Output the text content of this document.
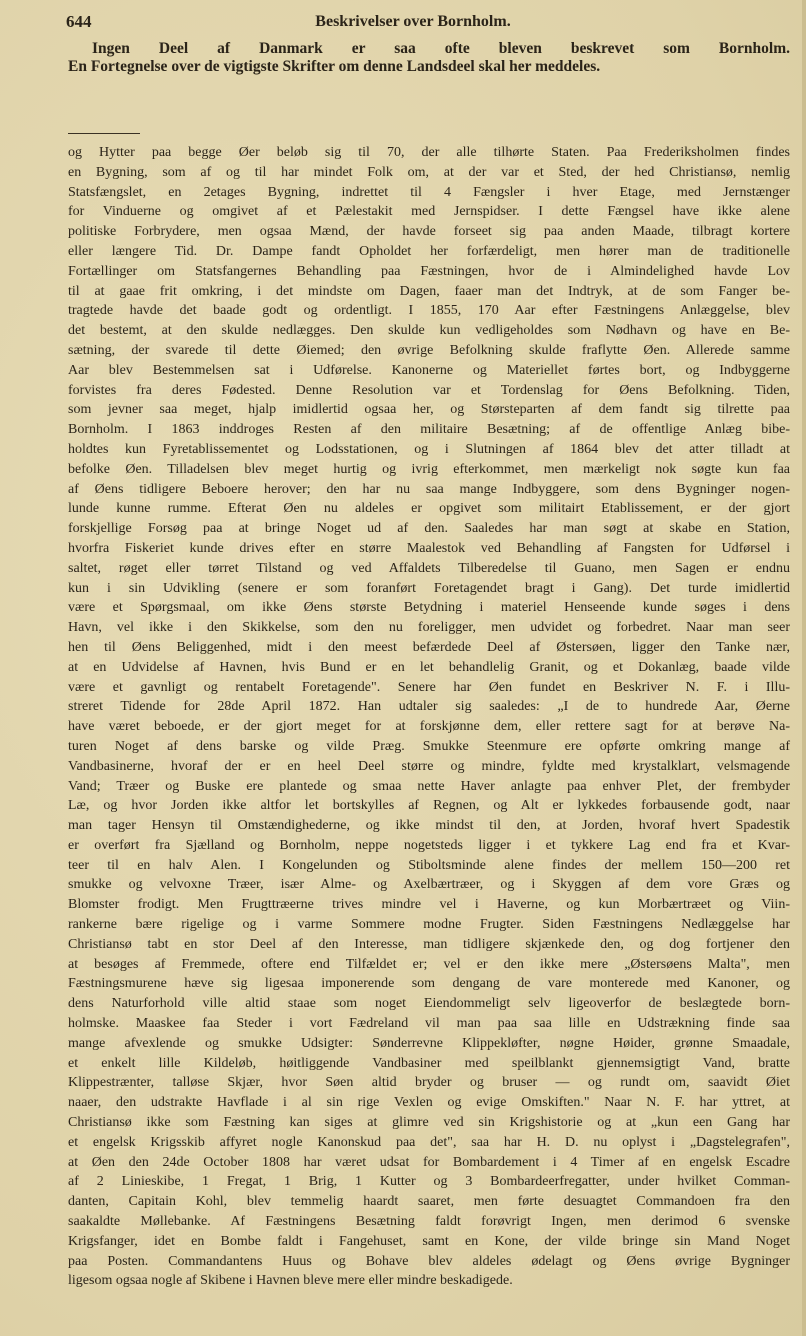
644	Beskrivelser over Bornholm.
Ingen Deel af Danmark er saa ofte bleven beskrevet som Bornholm.
En Fortegnelse over de vigtigste Skrifter om denne Landsdeel skal her meddeles.
og Hytter paa begge Øer beløb sig til 70, der alle tilhørte Staten. Paa Frederiksholmen findes
en Bygning, som af og til har mindet Folk om, at der var et Sted, der hed Christiansø, nemlig
Statsfængslet, en 2etages Bygning, indrettet til 4 Fængsler i hver Etage, med Jernstænger
for Vinduerne og omgivet af et Pælestakit med Jernspidser. I dette Fængsel have ikke alene
politiske Forbrydere, men ogsaa Mænd, der havde forseet sig paa anden Maade, tilbragt kortere
eller længere Tid. Dr. Dampe fandt Opholdet her forfærdeligt, men hører man de traditionelle
Fortællinger om Statsfangernes Behandling paa Fæstningen, hvor de i Almindelighed havde Lov
til at gaae frit omkring, i det mindste om Dagen, faaer man det Indtryk, at de som Fanger be-
tragtede havde det baade godt og ordentligt. I 1855, 170 Aar efter Fæstningens Anlæggelse, blev
det bestemt, at den skulde nedlægges. Den skulde kun vedligeholdes som Nødhavn og have en Be-
sætning, der svarede til dette Øiemed; den øvrige Befolkning skulde fraflytte Øen. Allerede samme
Aar blev Bestemmelsen sat i Udførelse. Kanonerne og Materiellet førtes bort, og Indbyggerne
forvistes fra deres Fødested. Denne Resolution var et Tordenslag for Øens Befolkning. Tiden,
som jevner saa meget, hjalp imidlertid ogsaa her, og Størsteparten af dem fandt sig tilrette paa
Bornholm. I 1863 inddroges Resten af den militaire Besætning; af de offentlige Anlæg bibe-
holdtes kun Fyretablissementet og Lodsstationen, og i Slutningen af 1864 blev det atter tilladt at
befolke Øen. Tilladelsen blev meget hurtig og ivrig efterkommet, men mærkeligt nok søgte kun faa
af Øens tidligere Beboere herover; den har nu saa mange Indbyggere, som dens Bygninger nogen-
lunde kunne rumme. Efterat Øen nu aldeles er opgivet som militairt Etablissement, er der gjort
forskjellige Forsøg paa at bringe Noget ud af den. Saaledes har man søgt at skabe en Station,
hvorfra Fiskeriet kunde drives efter en større Maalestok ved Behandling af Fangsten for Udførsel i
saltet, røget eller tørret Tilstand og ved Affaldets Tilberedelse til Guano, men Sagen er endnu
kun i sin Udvikling (senere er som foranført Foretagendet bragt i Gang). Det turde imidlertid
være et Spørgsmaal, om ikke Øens største Betydning i materiel Henseende kunde søges i dens
Havn, vel ikke i den Skikkelse, som den nu foreligger, men udvidet og forbedret. Naar man seer
hen til Øens Beliggenhed, midt i den meest befærdede Deel af Østersøen, ligger den Tanke nær,
at en Udvidelse af Havnen, hvis Bund er en let behandlelig Granit, og et Dokanlæg, baade vilde
være et gavnligt og rentabelt Foretagende". Senere har Øen fundet en Beskriver N. F. i Illu-
streret Tidende for 28de April 1872. Han udtaler sig saaledes: „I de to hundrede Aar, Øerne
have været beboede, er der gjort meget for at forskjønne dem, eller rettere sagt for at berøve Na-
turen Noget af dens barske og vilde Præg. Smukke Steenmure ere opførte omkring mange af
Vandbasinerne, hvoraf der er en heel Deel større og mindre, fyldte med krystalklart, velsmagende
Vand; Træer og Buske ere plantede og smaa nette Haver anlagte paa enhver Plet, der frembyder
Læ, og hvor Jorden ikke altfor let bortskylles af Regnen, og Alt er lykkedes forbausende godt, naar
man tager Hensyn til Omstændighederne, og ikke mindst til den, at Jorden, hvoraf hvert Spadestik
er overført fra Sjælland og Bornholm, neppe nogetsteds ligger i et tykkere Lag end fra et Kvar-
teer til en halv Alen. I Kongelunden og Stiboltsminde alene findes der mellem 150—200 ret
smukke og velvoxne Træer, især Alme- og Axelbærtræer, og i Skyggen af dem vore Græs og
Blomster frodigt. Men Frugttræerne trives mindre vel i Haverne, og kun Morbærtræet og Viin-
rankerne bære rigelige og i varme Sommere modne Frugter. Siden Fæstningens Nedlæggelse har
Christiansø tabt en stor Deel af den Interesse, man tidligere skjænkede den, og dog fortjener den
at besøges af Fremmede, oftere end Tilfældet er; vel er den ikke mere „Østersøens Malta", men
Fæstningsmurene hæve sig ligesaa imponerende som dengang de vare monterede med Kanoner, og
dens Naturforhold ville altid staae som noget Eiendommeligt selv ligeoverfor de beslægtede born-
holmske. Maaskee faa Steder i vort Fædreland vil man paa saa lille en Udstrækning finde saa
mange afvexlende og smukke Udsigter: Sønderrevne Klippekløfter, nøgne Høider, grønne Smaadale,
et enkelt lille Kildeløb, høitliggende Vandbasiner med speilblankt gjennemsigtigt Vand, bratte
Klippestrænter, talløse Skjær, hvor Søen altid bryder og bruser — og rundt om, saavidt Øiet
naaer, den udstrakte Havflade i al sin rige Vexlen og evige Omskiften." Naar N. F. har yttret, at
Christiansø ikke som Fæstning kan siges at glimre ved sin Krigshistorie og at „kun een Gang har
et engelsk Krigsskib affyret nogle Kanonskud paa det", saa har H. D. nu oplyst i „Dagstelegrafen",
at Øen den 24de October 1808 har været udsat for Bombardement i 4 Timer af en engelsk Escadre
af 2 Linieskibe, 1 Fregat, 1 Brig, 1 Kutter og 3 Bombardeerfregatter, under hvilket Comman-
danten, Capitain Kohl, blev temmelig haardt saaret, men førte desuagtet Commandoen fra den
saakaldte Møllebanke. Af Fæstningens Besætning faldt forøvrigt Ingen, men derimod 6 svenske
Krigsfanger, idet en Bombe faldt i Fangehuset, samt en Kone, der vilde bringe sin Mand Noget
paa Posten. Commandantens Huus og Bohave blev aldeles ødelagt og Øens øvrige Bygninger
ligesom ogsaa nogle af Skibene i Havnen bleve mere eller mindre beskadigede.
